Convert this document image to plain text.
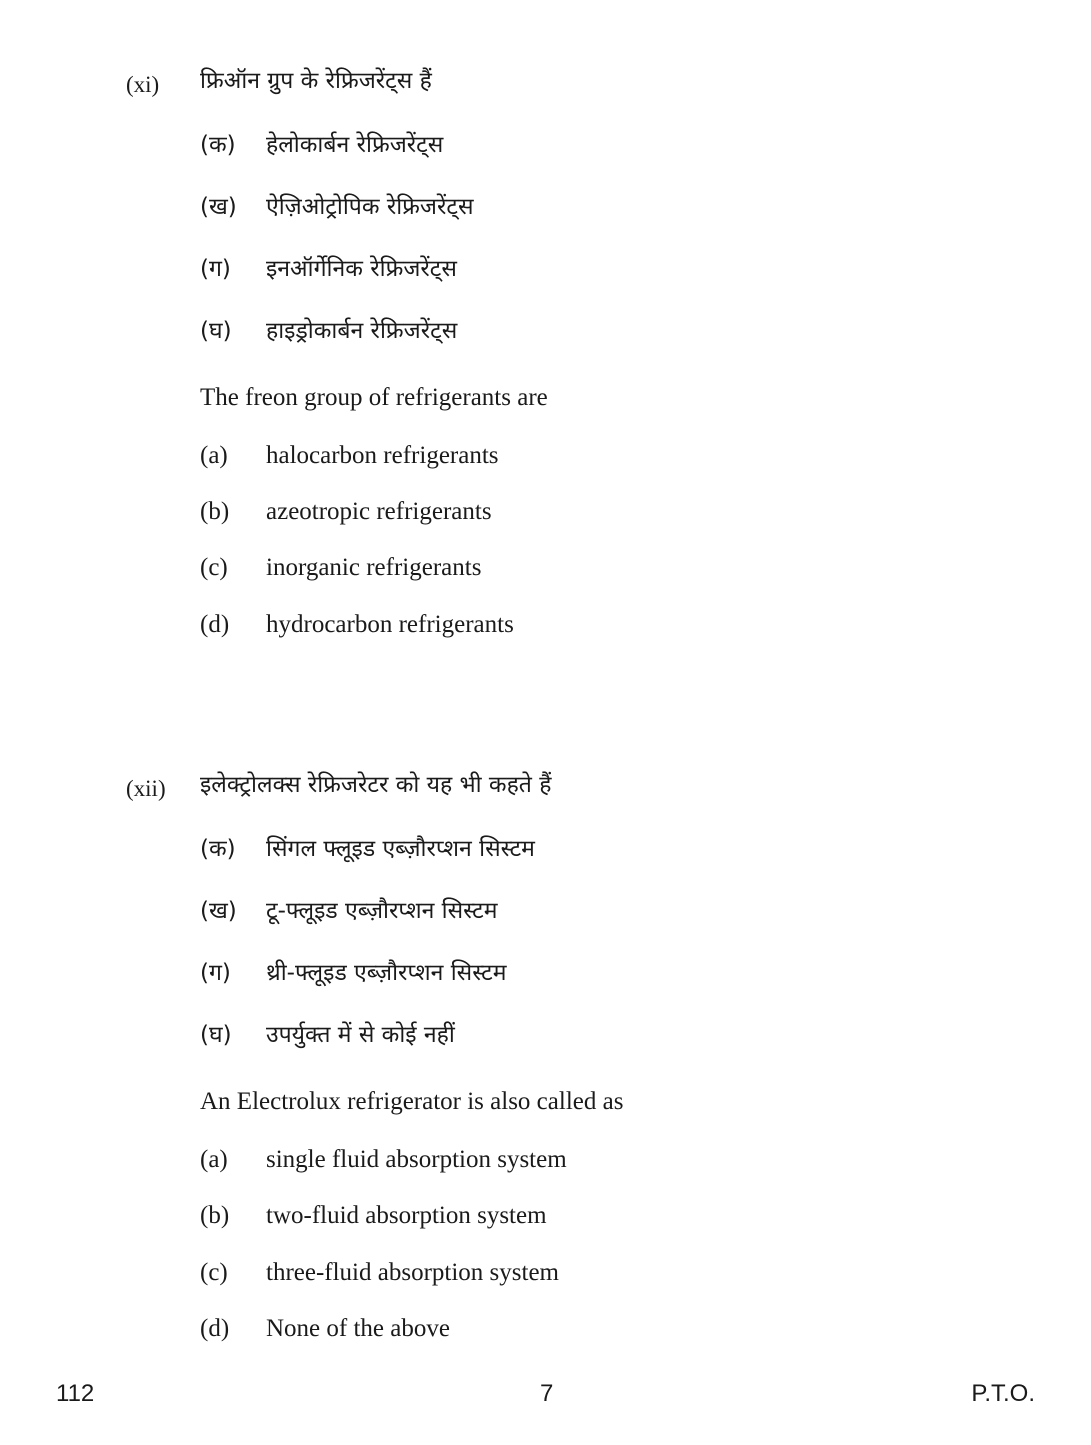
(xi) फ्रिऑन ग्रुप के रेफ्रिजरेंट्स हैं
(क) हेलोकार्बन रेफ्रिजरेंट्स
(ख) ऐज़िओट्रोपिक रेफ्रिजरेंट्स
(ग) इनऑर्गेनिक रेफ्रिजरेंट्स
(घ) हाइड्रोकार्बन रेफ्रिजरेंट्स
The freon group of refrigerants are
(a) halocarbon refrigerants
(b) azeotropic refrigerants
(c) inorganic refrigerants
(d) hydrocarbon refrigerants
(xii) इलेक्ट्रोलक्स रेफ्रिजरेटर को यह भी कहते हैं
(क) सिंगल फ्लूइड एब्ज़ौरप्शन सिस्टम
(ख) टू-फ्लूइड एब्ज़ौरप्शन सिस्टम
(ग) थ्री-फ्लूइड एब्ज़ौरप्शन सिस्टम
(घ) उपर्युक्त में से कोई नहीं
An Electrolux refrigerator is also called as
(a) single fluid absorption system
(b) two-fluid absorption system
(c) three-fluid absorption system
(d) None of the above
112	7	P.T.O.
